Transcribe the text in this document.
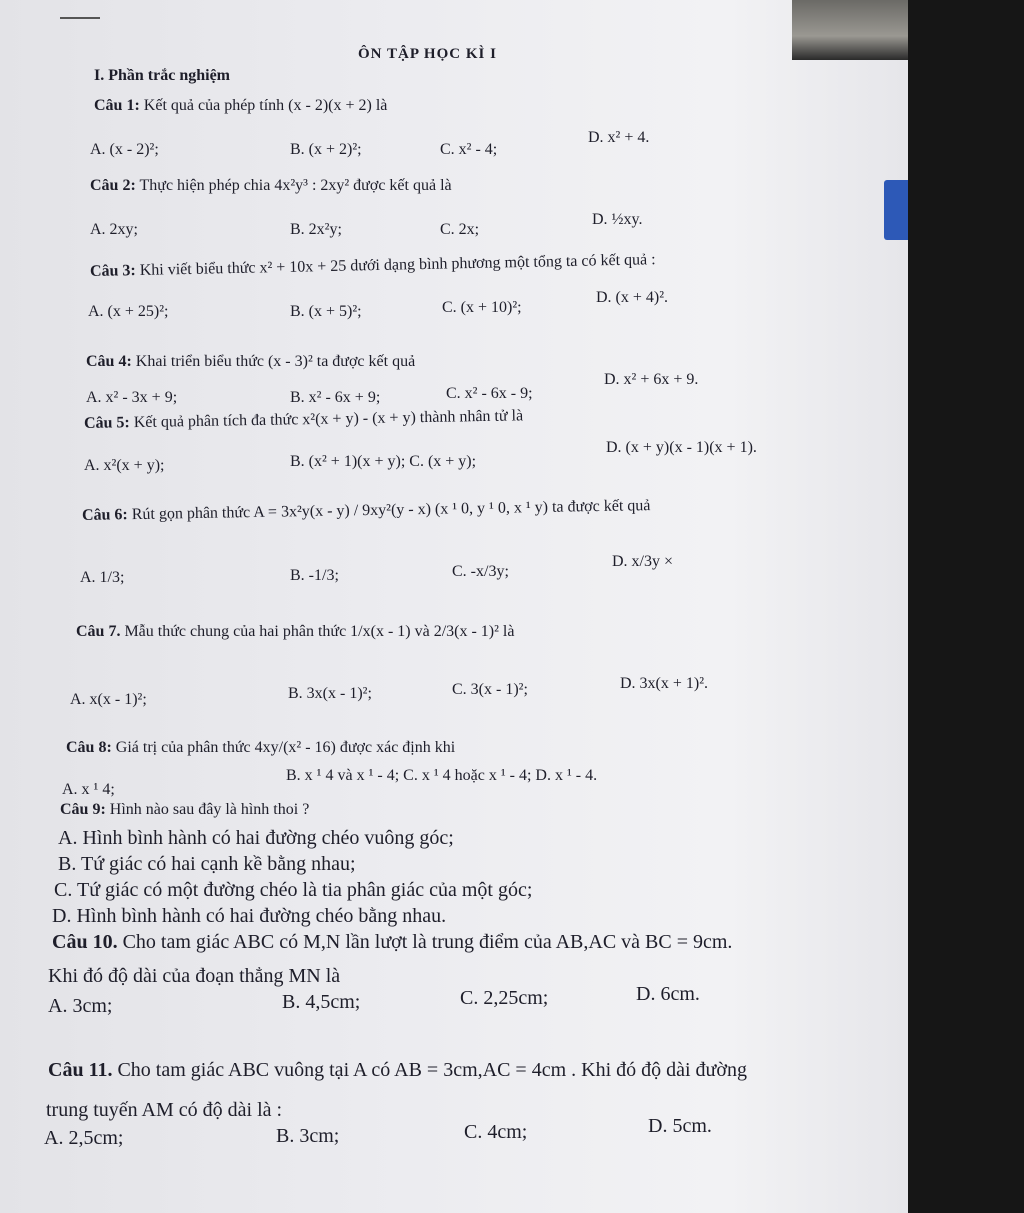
ÔN TẬP HỌC KÌ I
I. Phần trắc nghiệm
Câu 1: Kết quả của phép tính (x - 2)(x + 2) là
A. (x - 2)²;	B. (x + 2)²;	C. x² - 4;
D. x² + 4.
Câu 2: Thực hiện phép chia 4x²y³ : 2xy² được kết quả là
A. 2xy;	B. 2x²y;	C. 2x;
D. ½xy.
Câu 3: Khi viết biểu thức x² + 10x + 25 dưới dạng bình phương một tổng ta có kết quả :
A. (x + 25)²;	B. (x + 5)²;	C. (x + 10)²;
D. (x + 4)².
Câu 4: Khai triển biểu thức (x - 3)² ta được kết quả
A. x² - 3x + 9;	B. x² - 6x + 9;	C. x² - 6x - 9;
D. x² + 6x + 9.
Câu 5: Kết quả phân tích đa thức x²(x + y) - (x + y) thành nhân tử là
A. x²(x + y);	B. (x² + 1)(x + y); C. (x + y);
D. (x + y)(x - 1)(x + 1).
Câu 6: Rút gọn phân thức A = 3x²y(x - y) / 9xy²(y - x) (x ¹ 0, y ¹ 0, x ¹ y) ta được kết quả
A. 1/3;	B. -1/3;	C. -x/3y;
D. x/3y ×
Câu 7. Mẫu thức chung của hai phân thức 1/x(x - 1) và 2/3(x - 1)² là
A. x(x - 1)²;	B. 3x(x - 1)²;	C. 3(x - 1)²;	D. 3x(x + 1)².
Câu 8: Giá trị của phân thức 4xy/(x² - 16) được xác định khi
A. x ¹ 4;
B. x ¹ 4 và x ¹ - 4; C. x ¹ 4 hoặc x ¹ - 4; D. x ¹ - 4.
Câu 9: Hình nào sau đây là hình thoi ?
A. Hình bình hành có hai đường chéo vuông góc;
B. Tứ giác có hai cạnh kề bằng nhau;
C. Tứ giác có một đường chéo là tia phân giác của một góc;
D. Hình bình hành có hai đường chéo bằng nhau.
Câu 10. Cho tam giác ABC có M,N lần lượt là trung điểm của AB,AC và BC = 9cm.
Khi đó độ dài của đoạn thẳng MN là
A. 3cm;	B. 4,5cm;	C. 2,25cm;	D. 6cm.
Câu 11. Cho tam giác ABC vuông tại A có AB = 3cm,AC = 4cm . Khi đó độ dài đường
trung tuyến AM có độ dài là :
A. 2,5cm;	B. 3cm;	C. 4cm;	D. 5cm.
